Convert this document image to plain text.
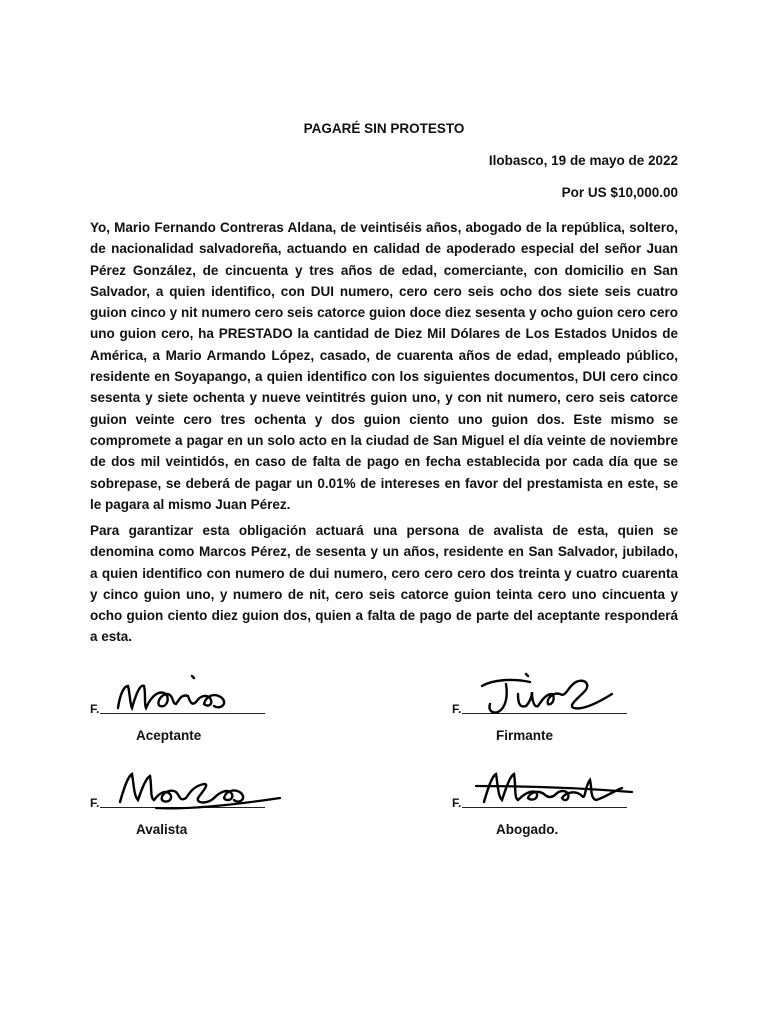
PAGARÉ SIN PROTESTO
Ilobasco, 19 de mayo de 2022
Por US $10,000.00

Yo, Mario Fernando Contreras Aldana, de veintiséis años, abogado de la república, soltero, de nacionalidad salvadoreña, actuando en calidad de apoderado especial del señor Juan Pérez González, de cincuenta y tres años de edad, comerciante, con domicilio en San Salvador, a quien identifico, con DUI numero, cero cero seis ocho dos siete seis cuatro guion cinco y nit numero cero seis catorce guion doce diez sesenta y ocho guion cero cero uno guion cero, ha PRESTADO la cantidad de Diez Mil Dólares de Los Estados Unidos de América, a Mario Armando López, casado, de cuarenta años de edad, empleado público, residente en Soyapango, a quien identifico con los siguientes documentos, DUI cero cinco sesenta y siete ochenta y nueve veintitrés guion uno, y con nit numero, cero seis catorce guion veinte cero tres ochenta y dos guion ciento uno guion dos. Este mismo se compromete a pagar en un solo acto en la ciudad de San Miguel el día veinte de noviembre de dos mil veintidós, en caso de falta de pago en fecha establecida por cada día que se sobrepase, se deberá de pagar un 0.01% de intereses en favor del prestamista en este, se le pagara al mismo Juan Pérez.

Para garantizar esta obligación actuará una persona de avalista de esta, quien se denomina como Marcos Pérez, de sesenta y un años, residente en San Salvador, jubilado, a quien identifico con numero de dui numero, cero cero cero dos treinta y cuatro cuarenta y cinco guion uno, y numero de nit, cero seis catorce guion teinta cero uno cincuenta y ocho guion ciento diez guion dos, quien a falta de pago de parte del aceptante responderá a esta.

F.
Aceptante
F.
Firmante
F.
Avalista
F.
Abogado.
